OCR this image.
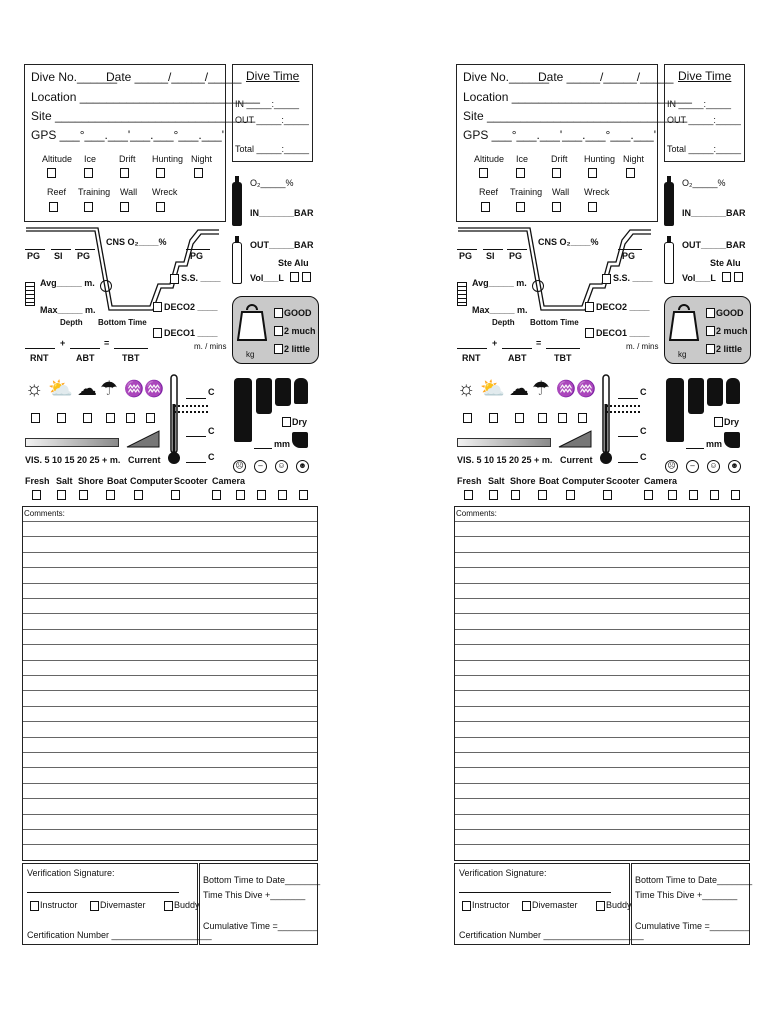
Dive No.______
Date _____/_____/_____
Location ___________________________
Site ______________________________
GPS ___°___.___'___.___°___.___'
Altitude Ice	Drift Hunting Night
Reef Training Wall Wreck
Dive Time
IN _____:_____
OUT _____:_____
Total _____:_____
O₂_____%
IN_______BAR
OUT_____BAR
Ste Alu
Vol___L
CNS O₂____%
PG SI PG	PG
Avg_____ m.
Max_____ m.
Depth Bottom Time
S.S. ____
DECO2 ____
DECO1 ____
m. / mins
+	=
RNT	ABT	TBT	kg
GOOD
2 much
2 little
☼ ⛅ ☁ ☂ ♒ ♒	C
C
C
Dry
mm
VIS. 5 10 15 20 25 + m. Current
☹	–	☺	☻
Fresh Salt Shore Boat Computer Scooter Camera
Comments:
Verification Signature:
Instructor Divemaster	Buddy
Certification Number ____________________
Bottom Time to Date_______
Time This Dive +_______
Cumulative Time =________
Dive No.______
Date _____/_____/_____
Location ___________________________
Site ______________________________
GPS ___°___.___'___.___°___.___'
Altitude Ice	Drift Hunting Night
Reef Training Wall Wreck
Dive Time
IN _____:_____
OUT _____:_____
Total _____:_____
O₂_____%
IN_______BAR
OUT_____BAR
Ste Alu
Vol___L
CNS O₂____%
PG SI PG	PG
Avg_____ m.
Max_____ m.
Depth Bottom Time
S.S. ____
DECO2 ____
DECO1 ____
m. / mins
+	=
RNT	ABT	TBT	kg
GOOD
2 much
2 little
☼ ⛅ ☁ ☂ ♒ ♒	C
C
C
Dry
mm
VIS. 5 10 15 20 25 + m. Current
☹	–	☺	☻
Fresh Salt Shore Boat Computer Scooter Camera
Comments:
Verification Signature:
Instructor Divemaster	Buddy
Certification Number ____________________
Bottom Time to Date_______
Time This Dive +_______
Cumulative Time =________
